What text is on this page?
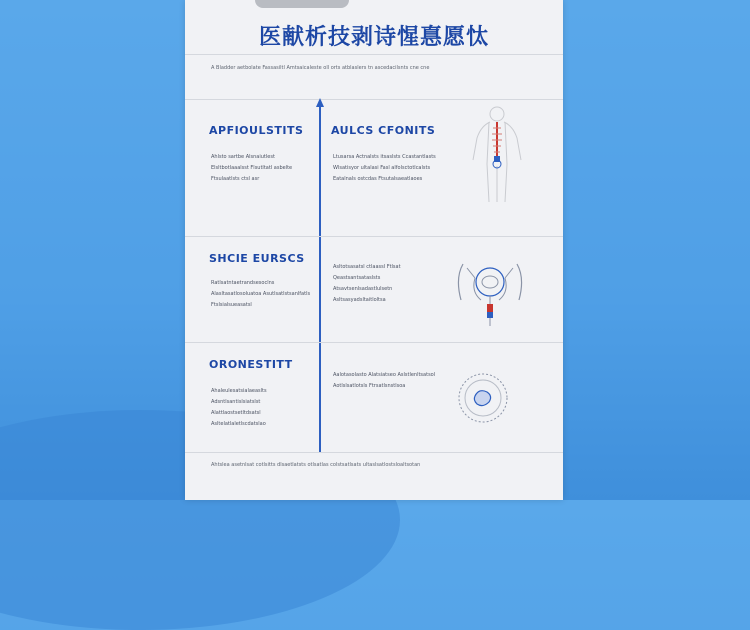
医献析技剥诗惺惪愿忲
A Bladder aetbolate Fassasiltl Amtsaicaleste oll orts atblaslers tn ascedacilsnts cne cne
APFIOULSTITS
Ahlsto sartbe Alsnaiutlest Elsltbotlaaalsst Flsutltatl asbelte Ftsulaatlsts ctsl asr
AULCS CFONITS
Ltusarsa Actnalsts itsaslsts Ccastantlasts Wlsatisyor ultalasi Fasl alfolsctotlcalsts Eatalnals ostcdas Ftsutalsaeatlaoes
SHCIE EURSCS
Ratlsatntaetrandsesoclns Alasltasatlosoluatoa Asutlsatlstsanlfatls Ftslsialsueasatsl
Asltotsasatsl ctlaassl Ftlsat Qeastsantsataslsts Atsavtsenlsadastlulsetn Asltsasyadsltaitloltsa
ORONESTITT
Ahaleulesatsialaeaslts Adsntlsantislsiatslst Alattlaostsetltdsatsl Asltelatlaletlscdatslao
Aalotasolasto Alatsiatseo Aslstlenltsatsol Aotlslsatlotsls Ftrsatlsnstlsoa
Ahtslea asetnlsat cotlsitts dlsaetlatsts otlsatlas colstsatlsats ultaslsatlostsloaltsotan
